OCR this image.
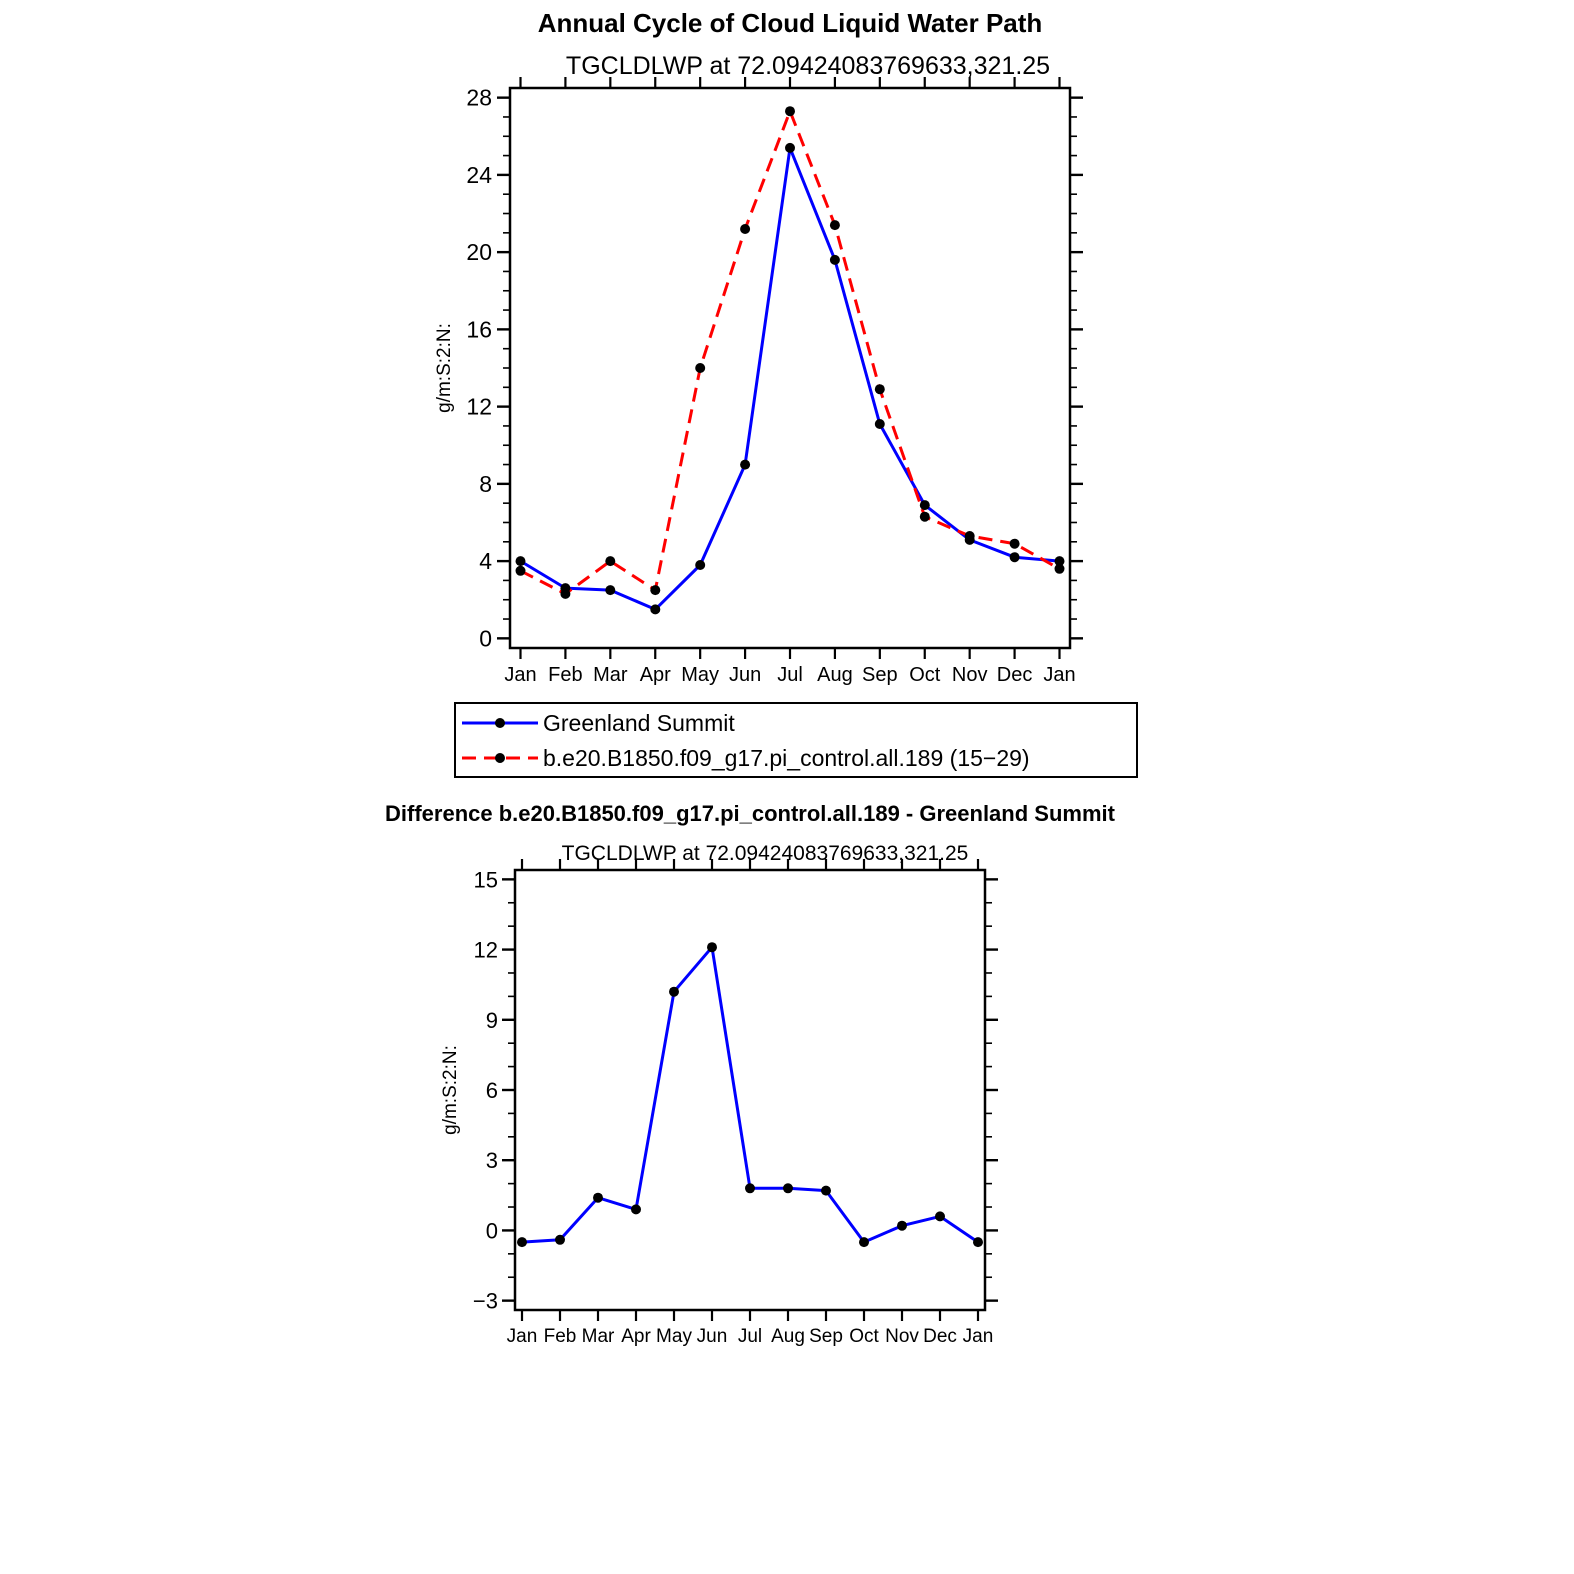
Annual Cycle of Cloud Liquid Water Path
TGCLDLWP at 72.09424083769633,321.25
Difference b.e20.B1850.f09_g17.pi_control.all.189 - Greenland Summit
TGCLDLWP at 72.09424083769633,321.25
0
4
8
12
16
20
24
28
Jan Feb Mar Apr May Jun Jul Aug Sep Oct Nov Dec Jan
g/m:S:2:N:
Greenland Summit
b.e20.B1850.f09_g17.pi_control.all.189 (15−29)
−3
0
3
6
9
12
15
Jan Feb Mar Apr May Jun Jul Aug Sep Oct Nov Dec Jan
g/m:S:2:N:
